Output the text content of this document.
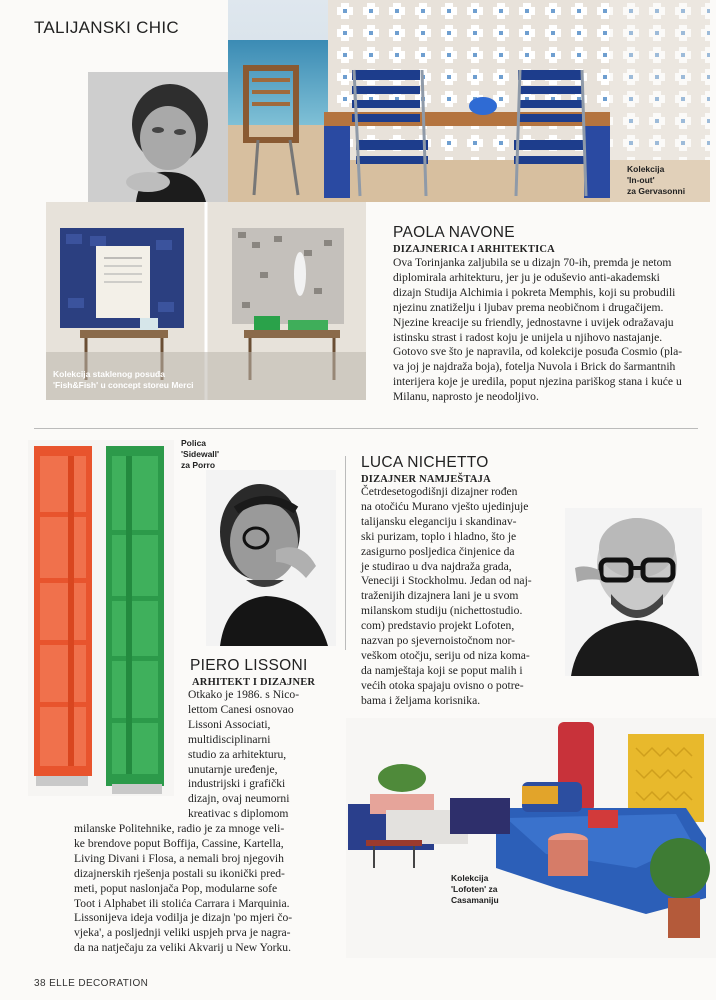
TALIJANSKI CHIC
Kolekcija
'In-out'
za Gervasonni
Kolekcija staklenog posuđa
'Fish&Fish' u concept storeu Merci
PAOLA NAVONE
DIZAJNERICA I ARHITEKTICA

Ova Torinjanka zaljubila se u dizajn 70-ih, premda je netom

diplomirala arhitekturu, jer ju je oduševio anti-akademski

dizajn Studija Alchimia i pokreta Memphis, koji su probudili

njezinu znatiželju i ljubav prema neobičnom i drugačijem.

Njezine kreacije su friendly, jednostavne i uvijek odražavaju

istinsku strast i radost koju je unijela u njihovo nastajanje.

Gotovo sve što je napravila, od kolekcije posuđa Cosmio (pla-

va joj je najdraža boja), fotelja Nuvola i Brick do šarmantnih

interijera koje je uredila, poput njezina pariškog stana i kuće u

Milanu, naprosto je neodoljivo.

Polica
'Sidewall'
za Porro
PIERO LISSONI
ARHITEKT I DIZAJNER

Otkako je 1986. s Nico-

lettom Canesi osnovao

Lissoni Associati,

multidisciplinarni

studio za arhitekturu,

unutarnje uređenje,

industrijski i grafički

dizajn, ovaj neumorni

kreativac s diplomom

milanske Politehnike, radio je za mnoge veli-

ke brendove poput Boffija, Cassine, Kartella,

Living Divani i Flosa, a nemali broj njegovih

dizajnerskih rješenja postali su ikonički pred-

meti, poput naslonjača Pop, modularne sofe

Toot i Alphabet ili stolića Carrara i Marquinia.

Lissonijeva ideja vodilja je dizajn 'po mjeri čo-

vjeka', a posljednji veliki uspjeh prva je nagra-

da na natječaju za veliki Akvarij u New Yorku.

LUCA NICHETTO
DIZAJNER NAMJEŠTAJA

Četrdesetogodišnji dizajner rođen

na otočiću Murano vješto ujedinjuje

talijansku eleganciju i skandinav-

ski purizam, toplo i hladno, što je

zasigurno posljedica činjenice da

je studirao u dva najdraža grada,

Veneciji i Stockholmu. Jedan od naj-

traženijih dizajnera lani je u svom

milanskom studiju (nichettostudio.

com) predstavio projekt Lofoten,

nazvan po sjevernoistočnom nor-

veškom otočju, seriju od niza koma-

da namještaja koji se poput malih i

većih otoka spajaju ovisno o potre-

bama i željama korisnika.

Kolekcija
'Lofoten' za
Casamaniju
38 ELLE DECORATION
